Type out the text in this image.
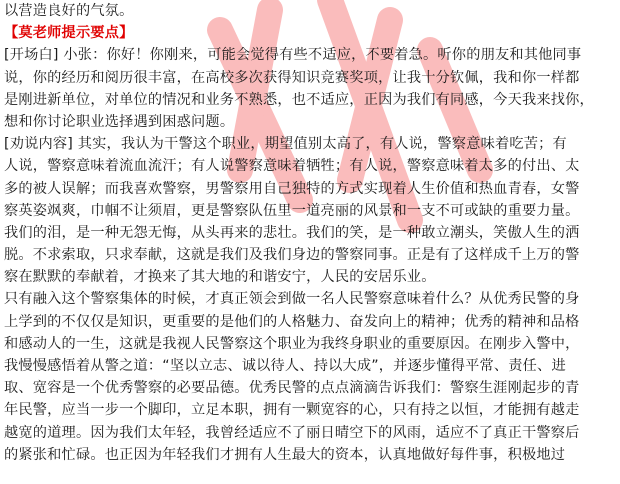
以营造良好的气氛。
【莫老师提示要点】
[开场白] 小张：你好！你刚来，可能会觉得有些不适应，不要着急。听你的朋友和其他同事
说，你的经历和阅历很丰富，在高校多次获得知识竞赛奖项，让我十分钦佩，我和你一样都
是刚进新单位，对单位的情况和业务不熟悉，也不适应，正因为我们有同感，今天我来找你，
想和你讨论职业选择遇到困惑问题。
[劝说内容] 其实，我认为干警这个职业，期望值别太高了，有人说，警察意味着吃苦；有
人说，警察意味着流血流汗；有人说警察意味着牺牲；有人说，警察意味着太多的付出、太
多的被人误解；而我喜欢警察，男警察用自己独特的方式实现着人生价值和热血青春，女警
察英姿飒爽，巾帼不让须眉，更是警察队伍里一道亮丽的风景和一支不可或缺的重要力量。
我们的泪，是一种无怨无悔，从头再来的悲壮。我们的笑，是一种敢立潮头，笑傲人生的洒
脱。不求索取，只求奉献，这就是我们及我们身边的警察同事。正是有了这样成千上万的警
察在默默的奉献着，才换来了其大地的和谐安宁，人民的安居乐业。
只有融入这个警察集体的时候，才真正领会到做一名人民警察意味着什么？从优秀民警的身
上学到的不仅仅是知识，更重要的是他们的人格魅力、奋发向上的精神；优秀的精神和品格
和感动人的一生，这就是我视人民警察这个职业为我终身职业的重要原因。在刚步入警中，
我慢慢感悟着从警之道：“坚以立志、诚以待人、持以大成”，并逐步懂得平常、责任、进
取、宽容是一个优秀警察的必要品德。优秀民警的点点滴滴告诉我们：警察生涯刚起步的青
年民警，应当一步一个脚印，立足本职，拥有一颗宽容的心，只有持之以恒，才能拥有越走
越宽的道理。因为我们太年轻，我曾经适应不了丽日晴空下的风雨，适应不了真正干警察后
的紧张和忙碌。也正因为年轻我们才拥有人生最大的资本，认真地做好每件事，积极地过
